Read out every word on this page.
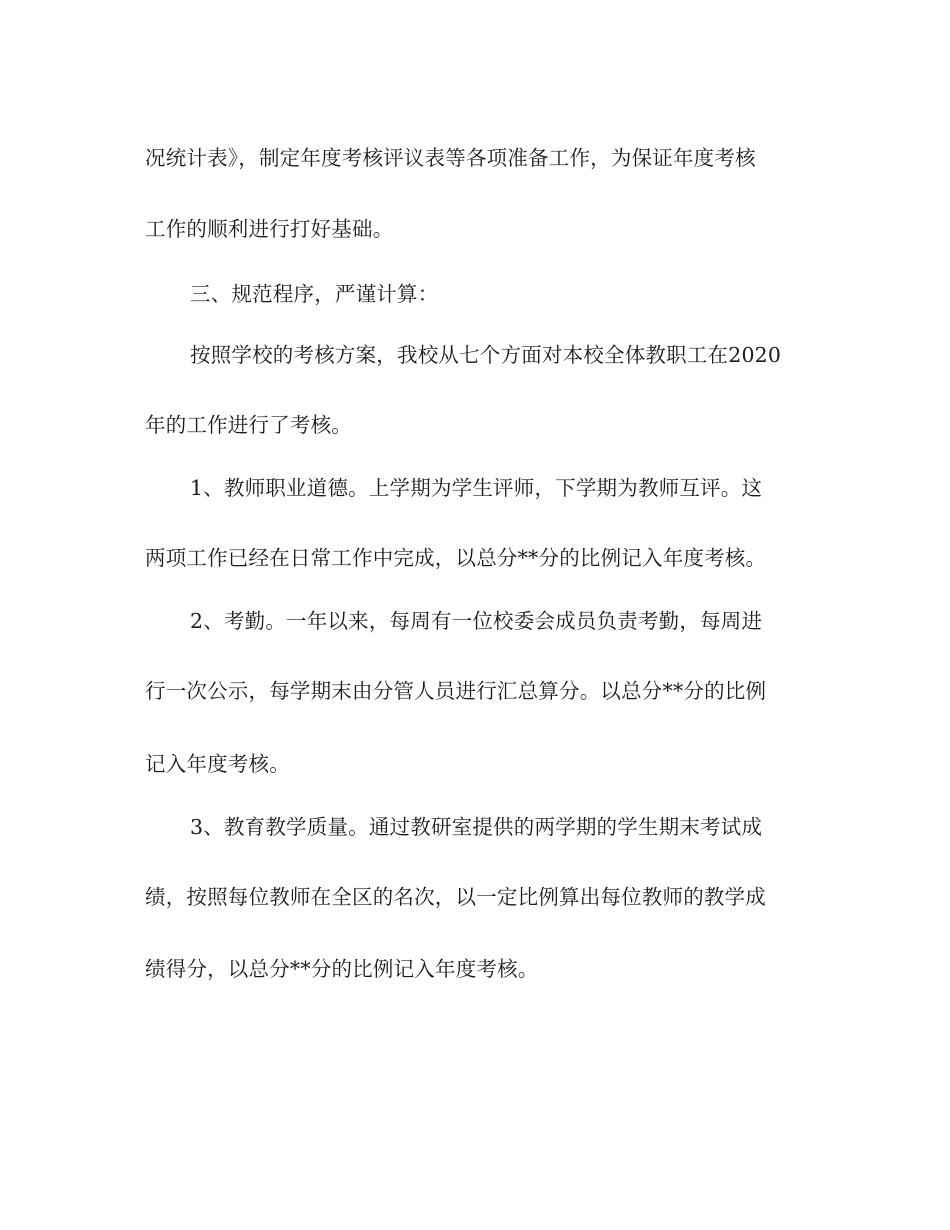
况统计表》，制定年度考核评议表等各项准备工作，为保证年度考核
工作的顺利进行打好基础。
三、规范程序，严谨计算：
按照学校的考核方案，我校从七个方面对本校全体教职工在2020
年的工作进行了考核。
1、教师职业道德。上学期为学生评师，下学期为教师互评。这
两项工作已经在日常工作中完成，以总分**分的比例记入年度考核。
2、考勤。一年以来，每周有一位校委会成员负责考勤，每周进
行一次公示，每学期末由分管人员进行汇总算分。以总分**分的比例
记入年度考核。
3、教育教学质量。通过教研室提供的两学期的学生期末考试成
绩，按照每位教师在全区的名次，以一定比例算出每位教师的教学成
绩得分，以总分**分的比例记入年度考核。
